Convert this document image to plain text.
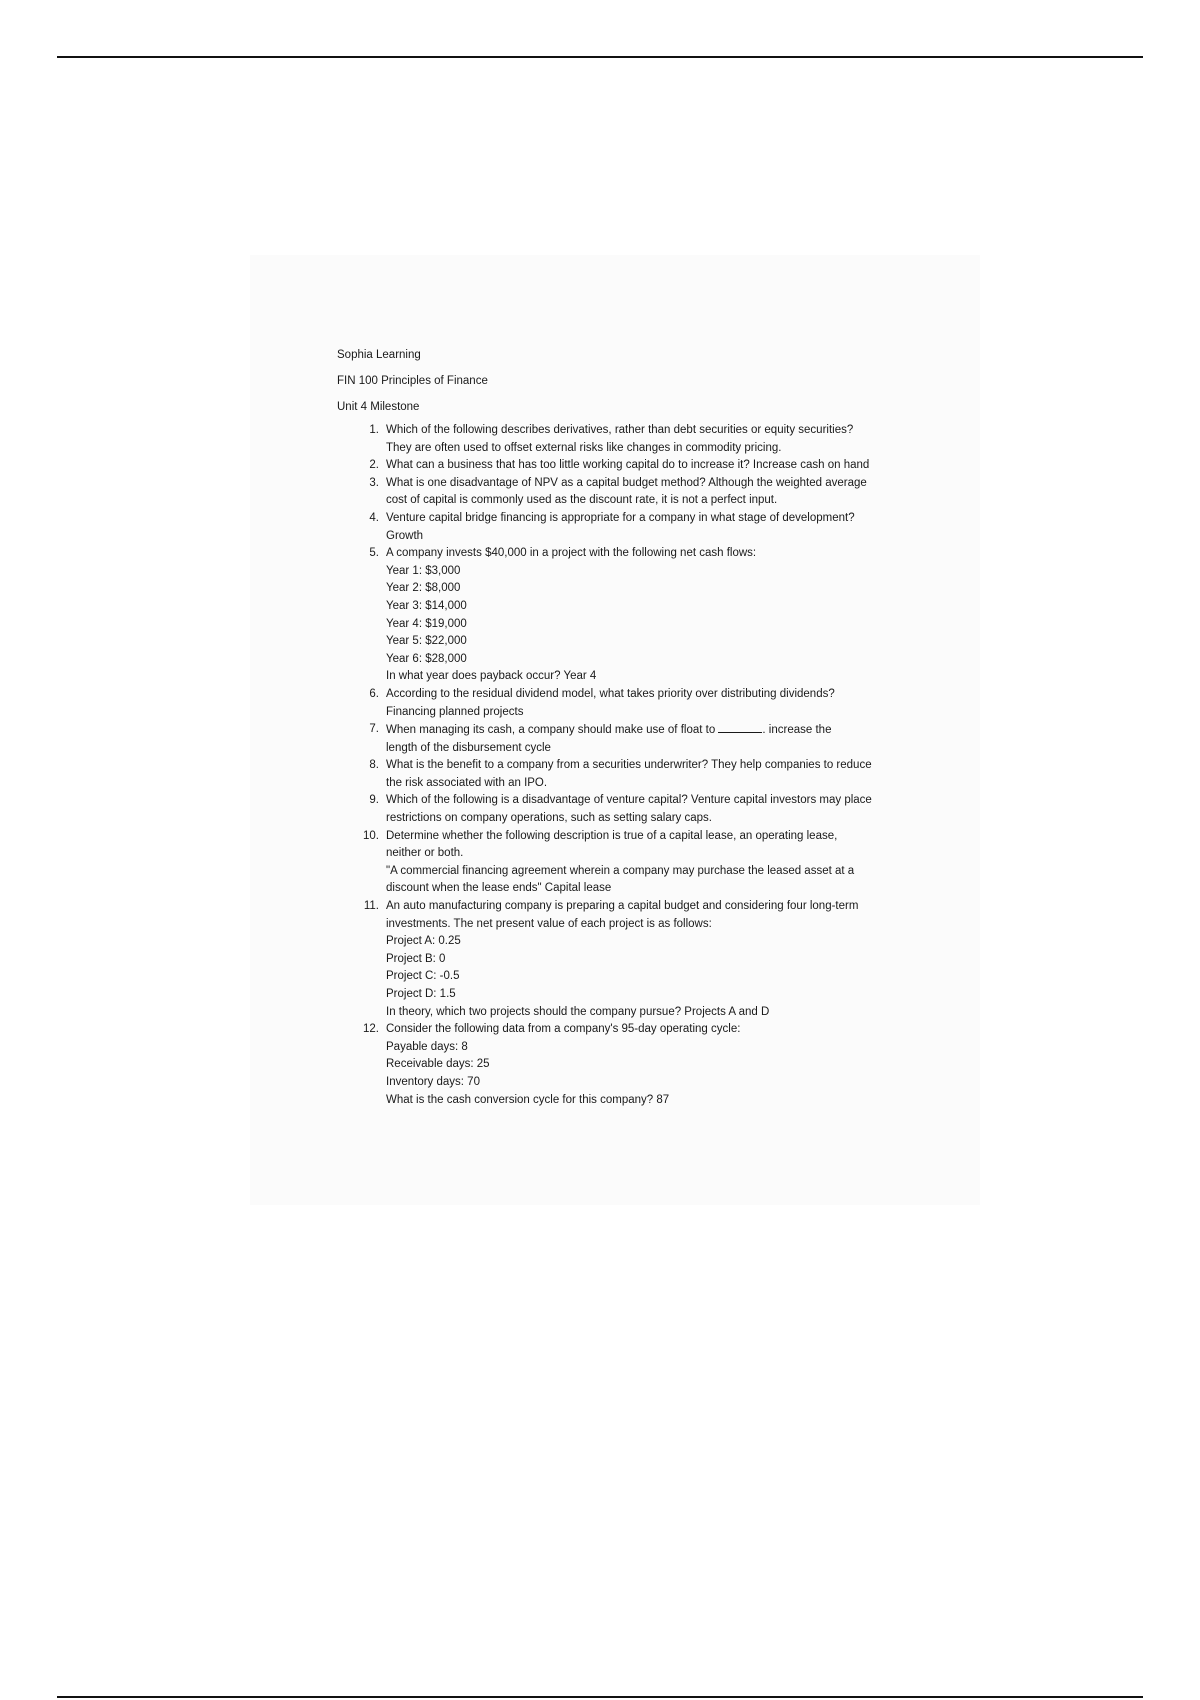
Sophia Learning
FIN 100 Principles of Finance
Unit 4 Milestone
1. Which of the following describes derivatives, rather than debt securities or equity securities?
They are often used to offset external risks like changes in commodity pricing.
2. What can a business that has too little working capital do to increase it? Increase cash on hand
3. What is one disadvantage of NPV as a capital budget method? Although the weighted average
cost of capital is commonly used as the discount rate, it is not a perfect input.
4. Venture capital bridge financing is appropriate for a company in what stage of development?
Growth
5. A company invests $40,000 in a project with the following net cash flows:
Year 1: $3,000
Year 2: $8,000
Year 3: $14,000
Year 4: $19,000
Year 5: $22,000
Year 6: $28,000
In what year does payback occur? Year 4
6. According to the residual dividend model, what takes priority over distributing dividends?
Financing planned projects
7. When managing its cash, a company should make use of float to	. increase the
length of the disbursement cycle
8. What is the benefit to a company from a securities underwriter? They help companies to reduce
the risk associated with an IPO.
9. Which of the following is a disadvantage of venture capital? Venture capital investors may place
restrictions on company operations, such as setting salary caps.
10. Determine whether the following description is true of a capital lease, an operating lease,
neither or both.
"A commercial financing agreement wherein a company may purchase the leased asset at a
discount when the lease ends" Capital lease
11. An auto manufacturing company is preparing a capital budget and considering four long-term
investments. The net present value of each project is as follows:
Project A: 0.25
Project B: 0
Project C: -0.5
Project D: 1.5
In theory, which two projects should the company pursue? Projects A and D
12. Consider the following data from a company's 95-day operating cycle:
Payable days: 8
Receivable days: 25
Inventory days: 70
What is the cash conversion cycle for this company? 87
